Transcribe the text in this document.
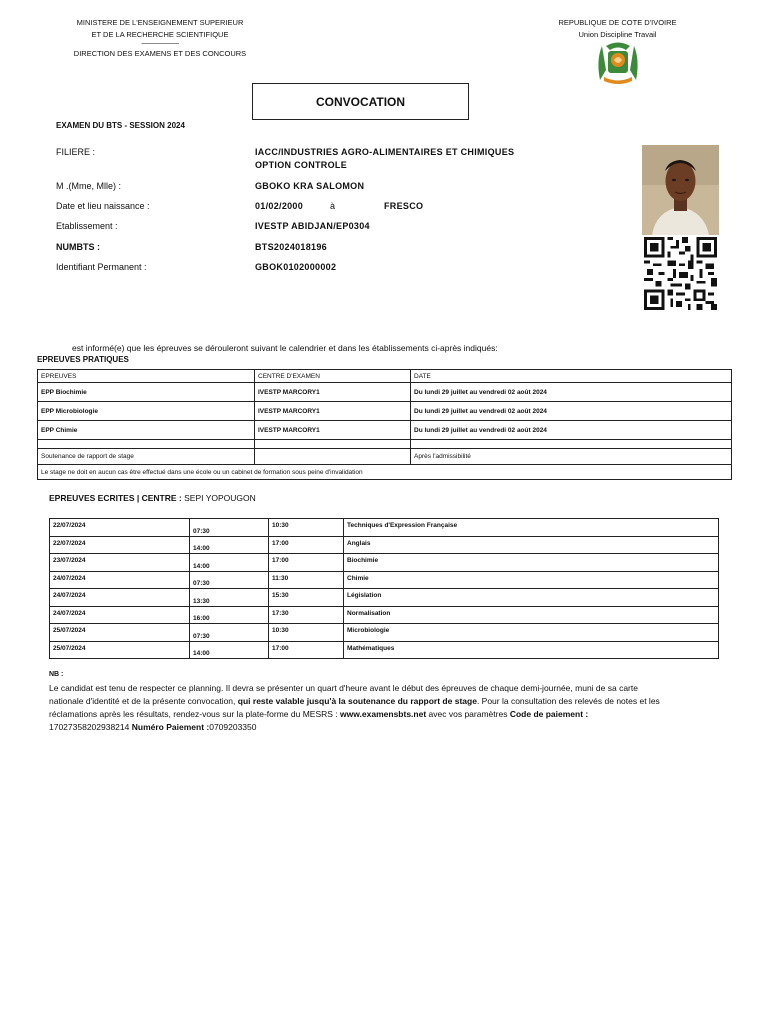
MINISTERE DE L'ENSEIGNEMENT SUPERIEUR
ET DE LA RECHERCHE SCIENTIFIQUE
-------------------------
DIRECTION DES EXAMENS ET DES CONCOURS
REPUBLIQUE DE COTE D'IVOIRE
Union Discipline Travail
CONVOCATION
EXAMEN DU BTS - SESSION 2024
FILIERE :	IACC/INDUSTRIES AGRO-ALIMENTAIRES ET CHIMIQUES
OPTION CONTROLE
M .(Mme, Mlle) :	GBOKO KRA SALOMON
Date et lieu naissance :	01/02/2000	à	FRESCO
Etablissement :	IVESTP ABIDJAN/EP0304
NUMBTS :	BTS2024018196
Identifiant Permanent :	GBOK0102000002
est informé(e) que les épreuves se dérouleront suivant le calendrier et dans les établissements ci-après indiqués:
EPREUVES PRATIQUES
EPREUVES	CENTRE D'EXAMEN	DATE
EPP Biochimie	IVESTP MARCORY1	Du lundi 29 juillet au vendredi 02 août 2024
EPP Microbiologie	IVESTP MARCORY1	Du lundi 29 juillet au vendredi 02 août 2024
EPP Chimie	IVESTP MARCORY1	Du lundi 29 juillet au vendredi 02 août 2024

Soutenance de rapport de stage		Après l'admissibilité
Le stage ne doit en aucun cas être effectué dans une école ou un cabinet de formation sous peine d'invalidation		
EPREUVES ECRITES | CENTRE : SEPI YOPOUGON
22/07/2024	07:30	10:30	Techniques d'Expression Française
22/07/2024	14:00	17:00	Anglais
23/07/2024	14:00	17:00	Biochimie
24/07/2024	07:30	11:30	Chimie
24/07/2024	13:30	15:30	Législation
24/07/2024	16:00	17:30	Normalisation
25/07/2024	07:30	10:30	Microbiologie
25/07/2024	14:00	17:00	Mathématiques
NB :
Le candidat est tenu de respecter ce planning. Il devra se présenter un quart d'heure avant le début des épreuves de chaque demi-journée, muni de sa carte nationale d'identité et de la présente convocation, qui reste valable jusqu'à la soutenance du rapport de stage. Pour la consultation des relevés de notes et les réclamations après les résultats, rendez-vous sur la plate-forme du MESRS : www.examensbts.net avec vos paramètres Code de paiement : 17027358202938214 Numéro Paiement :0709203350
